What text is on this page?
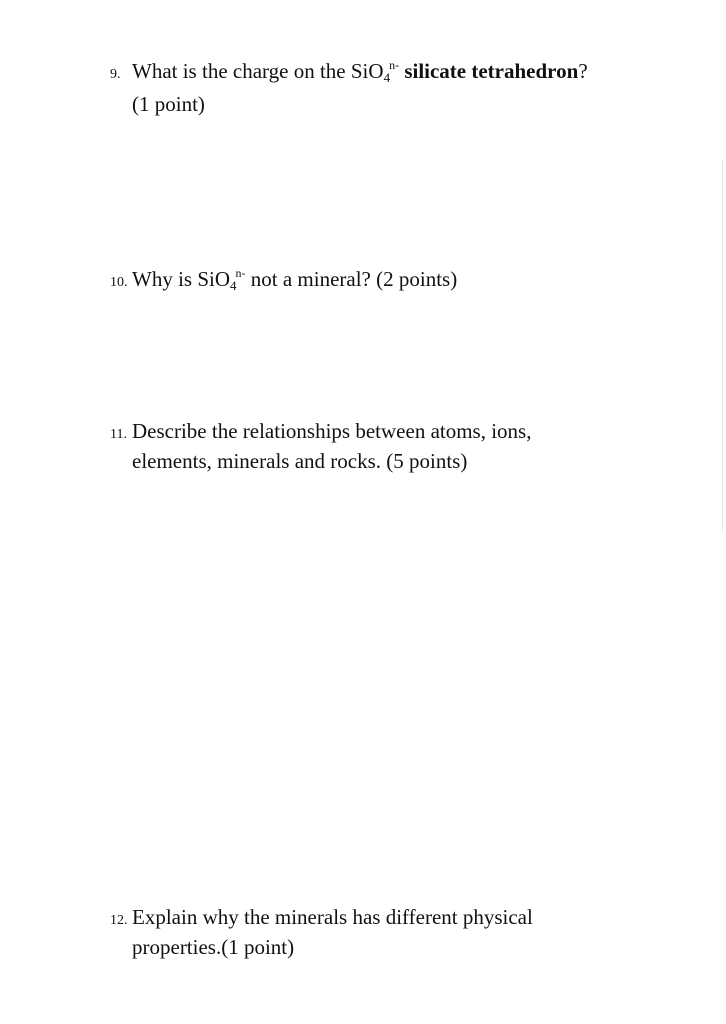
9. What is the charge on the $SiO4^{n-}$ silicate tetrahedron?
(1 point)
10. Why is $SiO4^{n-}$ not a mineral? (2 points)
11. Describe the relationships between atoms, ions,
elements, minerals and rocks. (5 points)
12. Explain why the minerals has different physical
properties.(1 point)
